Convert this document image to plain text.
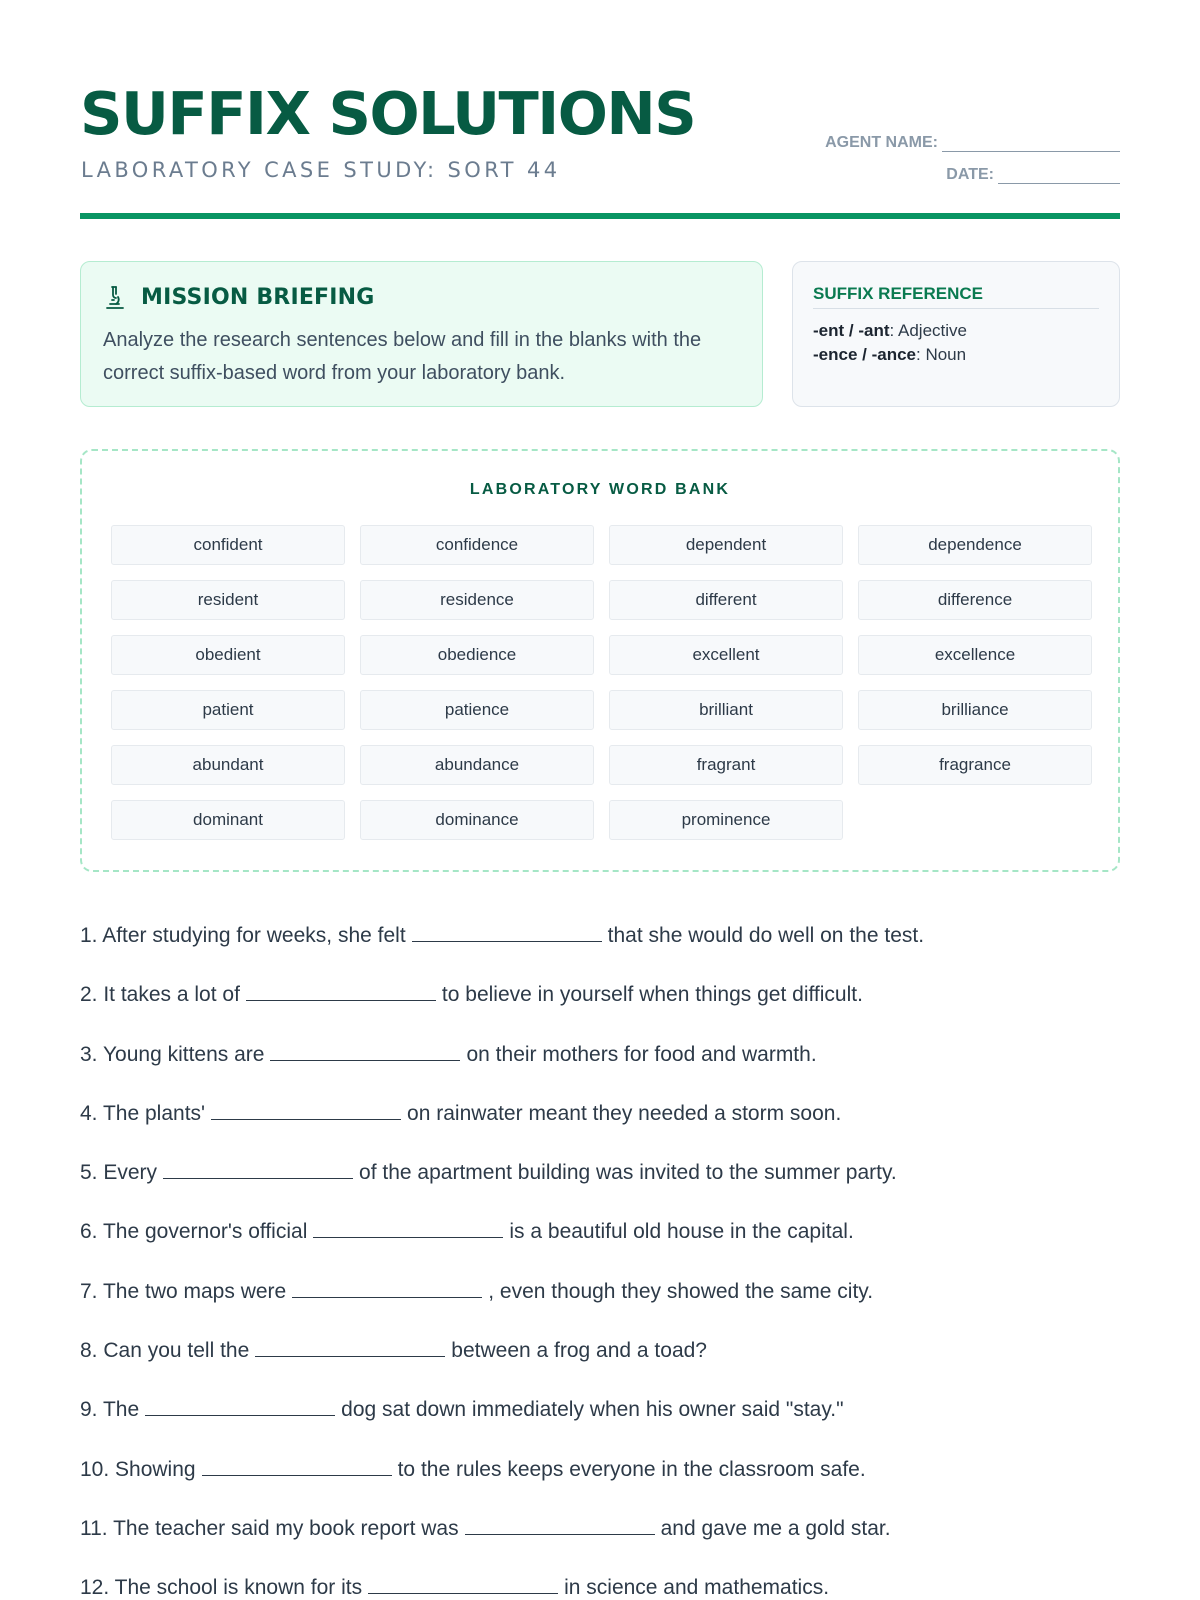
SUFFIX SOLUTIONS
LABORATORY CASE STUDY: SORT 44
AGENT NAME:
DATE:
MISSION BRIEFING
Analyze the research sentences below and fill in the blanks with the correct suffix-based word from your laboratory bank.
SUFFIX REFERENCE
-ent / -ant: Adjective
-ence / -ance: Noun
LABORATORY WORD BANK
confident	confidence	dependent	dependence
resident	residence	different	difference
obedient	obedience	excellent	excellence
patient	patience	brilliant	brilliance
abundant	abundance	fragrant	fragrance
dominant	dominance	prominence
1. After studying for weeks, she felt	that she would do well on the test.
2. It takes a lot of	to believe in yourself when things get difficult.
3. Young kittens are	on their mothers for food and warmth.
4. The plants'	on rainwater meant they needed a storm soon.
5. Every	of the apartment building was invited to the summer party.
6. The governor's official	is a beautiful old house in the capital.
7. The two maps were	, even though they showed the same city.
8. Can you tell the	between a frog and a toad?
9. The	dog sat down immediately when his owner said "stay."
10. Showing	to the rules keeps everyone in the classroom safe.
11. The teacher said my book report was	and gave me a gold star.
12. The school is known for its	in science and mathematics.
